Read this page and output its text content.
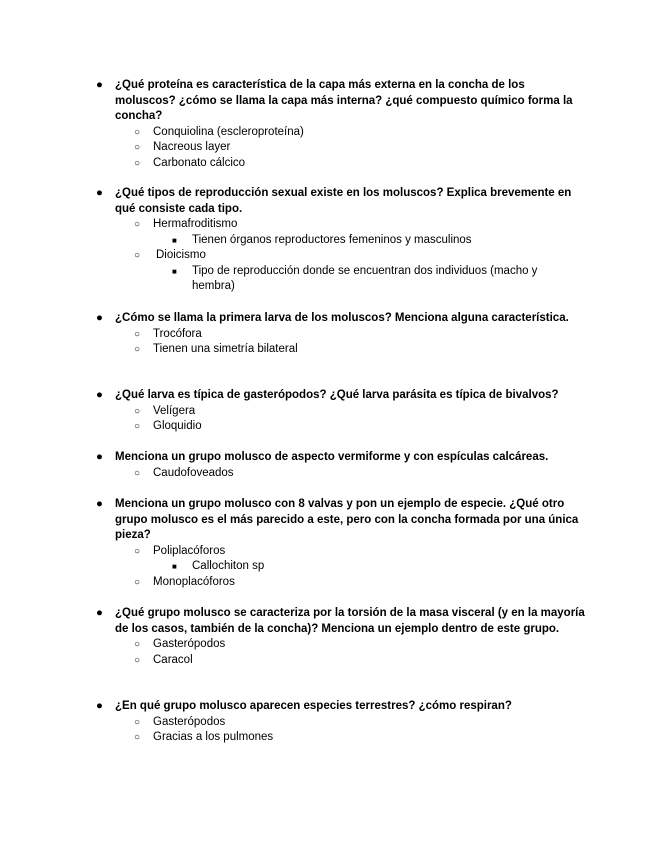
● ¿Qué proteína es característica de la capa más externa en la concha de los moluscos? ¿cómo se llama la capa más interna? ¿qué compuesto químico forma la concha?
○ Conquiolina (escleroproteína)
○ Nacreous layer
○ Carbonato cálcico
● ¿Qué tipos de reproducción sexual existe en los moluscos? Explica brevemente en qué consiste cada tipo.
○ Hermafroditismo
■ Tienen órganos reproductores femeninos y masculinos
○ Dioicismo
■ Tipo de reproducción donde se encuentran dos individuos (macho y hembra)
● ¿Cómo se llama la primera larva de los moluscos? Menciona alguna característica.
○ Trocófora
○ Tienen una simetría bilateral
● ¿Qué larva es típica de gasterópodos? ¿Qué larva parásita es típica de bivalvos?
○ Velígera
○ Gloquidio
● Menciona un grupo molusco de aspecto vermiforme y con espículas calcáreas.
○ Caudofoveados
● Menciona un grupo molusco con 8 valvas y pon un ejemplo de especie. ¿Qué otro grupo molusco es el más parecido a este, pero con la concha formada por una única pieza?
○ Poliplacóforos
■ Callochiton sp
○ Monoplacóforos
● ¿Qué grupo molusco se caracteriza por la torsión de la masa visceral (y en la mayoría de los casos, también de la concha)? Menciona un ejemplo dentro de este grupo.
○ Gasterópodos
○ Caracol
● ¿En qué grupo molusco aparecen especies terrestres? ¿cómo respiran?
○ Gasterópodos
○ Gracias a los pulmones
